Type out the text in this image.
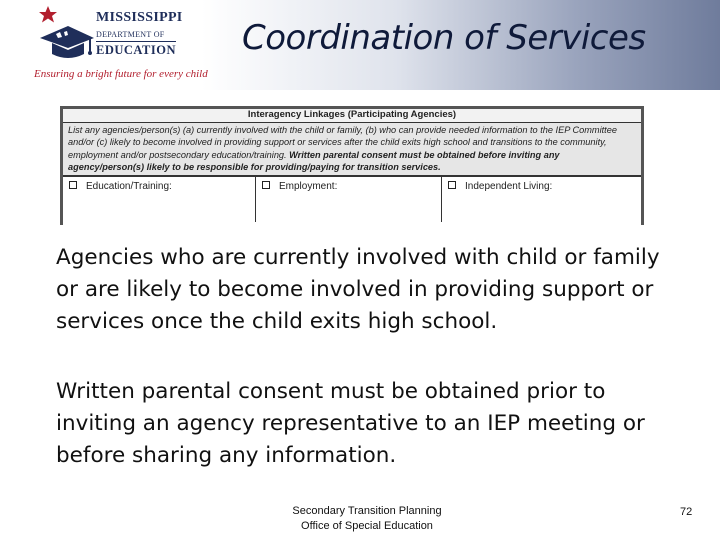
MISSISSIPPI
DEPARTMENT OF
EDUCATION
Ensuring a bright future for every child
Coordination of Services
Interagency Linkages (Participating Agencies)
List any agencies/person(s) (a) currently involved with the child or family, (b) who can provide needed information to the IEP Committee and/or (c) likely to become involved in providing support or services after the child exits high school and transitions to the community, employment and/or postsecondary education/training. Written parental consent must be obtained before inviting any agency/person(s) likely to be responsible for providing/paying for transition services.
Education/Training:	Employment:	Independent Living:
Agencies who are currently involved with child or family or are likely to become involved in providing support or services once the child exits high school.
Written parental consent must be obtained prior to inviting an agency representative to an IEP meeting or before sharing any information.
Secondary Transition Planning
Office of Special Education
72
